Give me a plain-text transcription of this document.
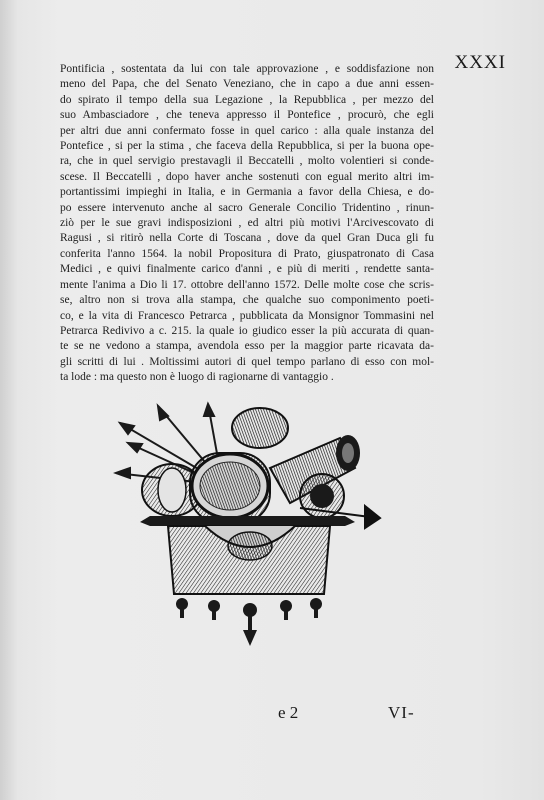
XXXI
Pontificia , sostentata da lui con tale approvazione , e soddisfazione non
meno del Papa, che del Senato Veneziano, che in capo a due anni essen-
do spirato il tempo della sua Legazione , la Repubblica , per mezzo del
suo Ambasciadore , che teneva appresso il Pontefice , procurò, che egli
per altri due anni confermato fosse in quel carico : alla quale instanza del
Pontefice , si per la stima , che faceva della Repubblica, si per la buona ope-
ra, che in quel servigio prestavagli il Beccatelli , molto volentieri si conde-
scese. Il Beccatelli , dopo haver anche sostenuti con egual merito altri im-
portantissimi impieghi in Italia, e in Germania a favor della Chiesa, e do-
po essere intervenuto anche al sacro Generale Concilio Tridentino , rinun-
ziò per le sue gravi indisposizioni , ed altri più motivi l'Arcivescovato di
Ragusi , si ritirò nella Corte di Toscana , dove da quel Gran Duca gli fu
conferita l'anno 1564. la nobil Propositura di Prato, giuspatronato di Casa
Medici , e quivi finalmente carico d'anni , e più di meriti , rendette santa-
mente l'anima a Dio li 17. ottobre dell'anno 1572. Delle molte cose che scris-
se, altro non si trova alla stampa, che qualche suo componimento poeti-
co, e la vita di Francesco Petrarca , pubblicata da Monsignor Tommasini nel
Petrarca Redivivo a c. 215. la quale io giudico esser la più accurata di quan-
te se ne vedono a stampa, avendola esso per la maggior parte ricavata da-
gli scritti di lui . Moltissimi autori di quel tempo parlano di esso con mol-
ta lode : ma questo non è luogo di ragionarne di vantaggio .
e 2	VI-
